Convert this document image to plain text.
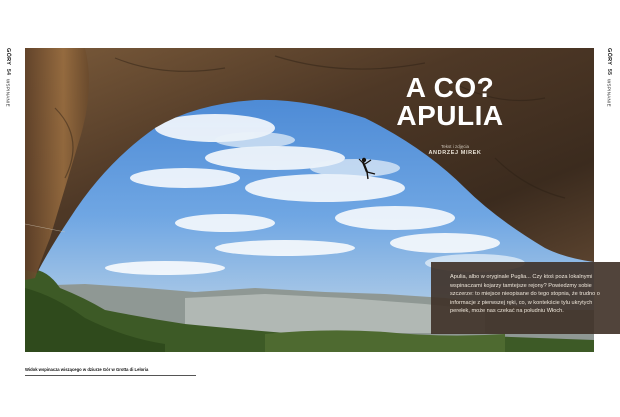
GÓRY
54
WSPINANIE
GÓRY
55
WSPINANIE
A CO?
APULIA
Tekst i zdjęcia
ANDRZEJ MIREK
Apulia, albo w oryginale Puglia... Czy ktoś poza lokalnymi wspinaczami kojarzy tamtejsze rejony? Powiedzmy sobie szczerze: to miejsce nieopisane do tego stopnia, że trudno o informacje z pierwszej ręki, co, w kontekście tylu ukrytych perełek, może nas czekać na południu Włoch.
Widok wspinacza wiszącego w dziurze Gór w Grotta di Leloria
